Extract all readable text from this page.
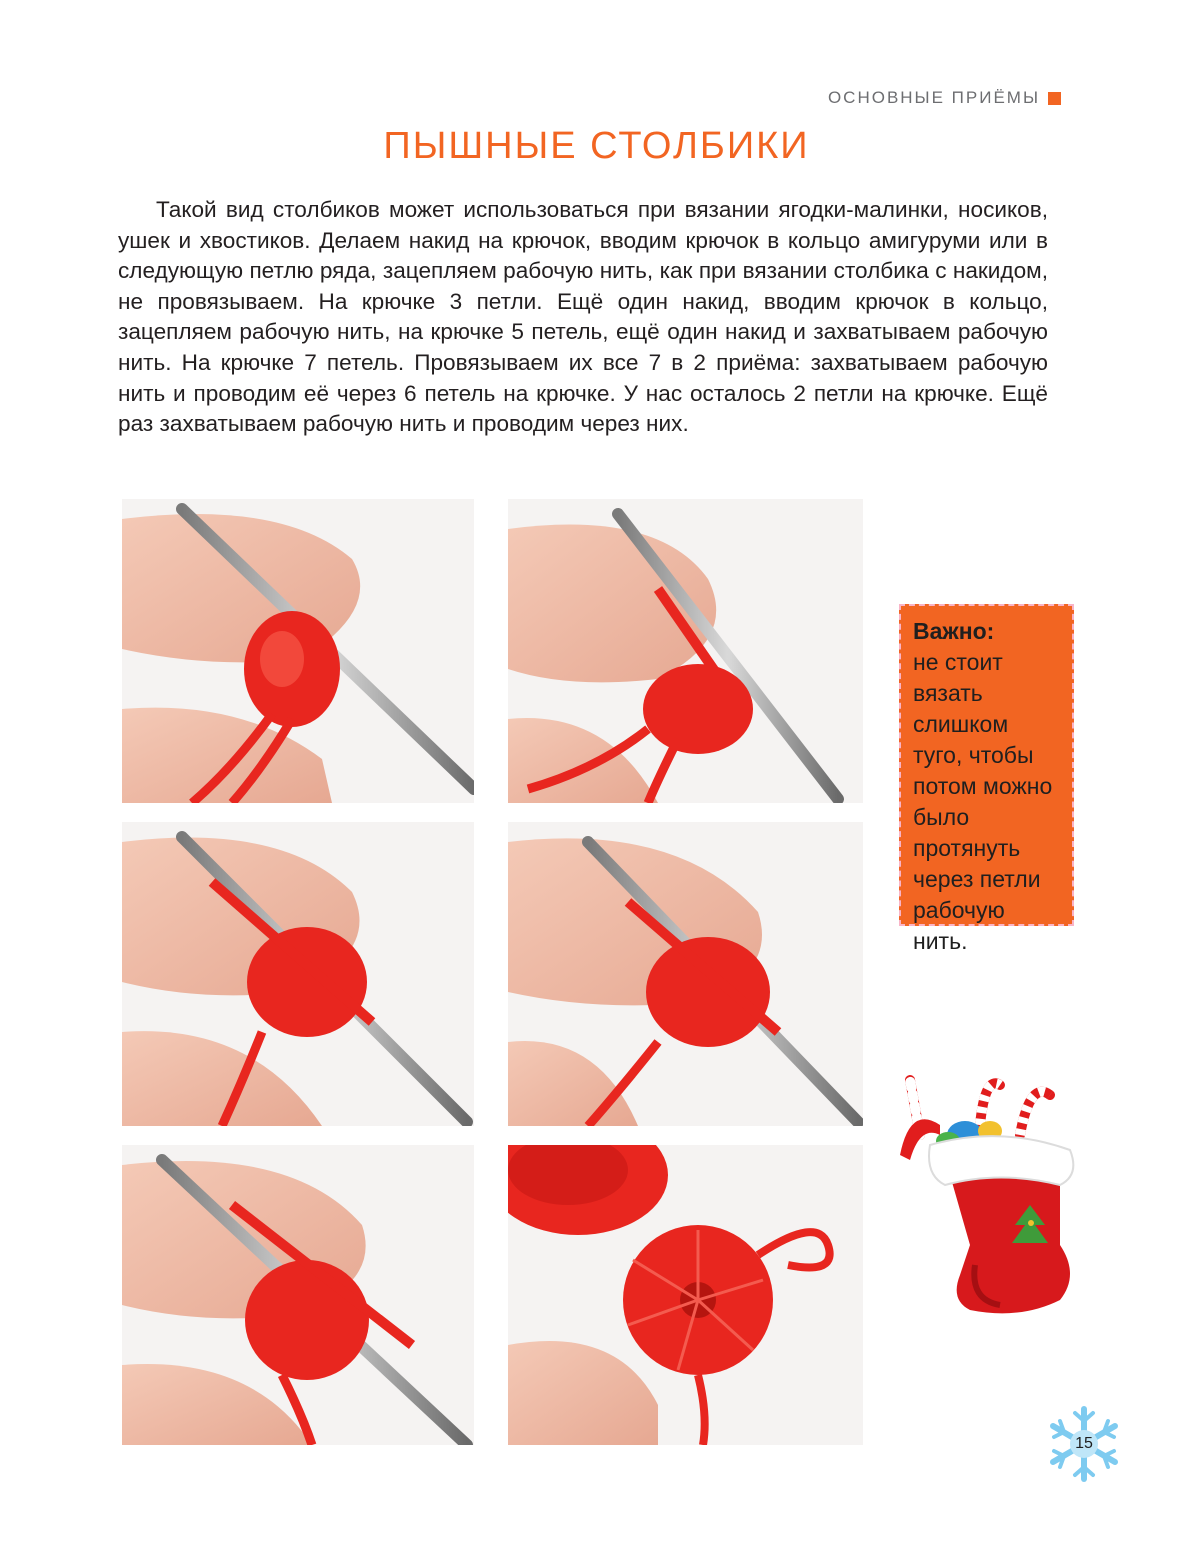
ОСНОВНЫЕ ПРИЁМЫ
ПЫШНЫЕ СТОЛБИКИ

Такой вид столбиков может использоваться при вязании ягодки-малинки, носиков, ушек и хвостиков. Делаем накид на крючок, вводим крючок в кольцо амигуруми или в следующую петлю ряда, зацепляем рабочую нить, как при вязании столбика с накидом, не провязываем. На крючке 3 петли. Ещё один накид, вводим крючок в кольцо, зацепляем рабочую нить, на крючке 5 петель, ещё один накид и захватываем рабочую нить. На крючке 7 петель. Провязываем их все 7 в 2 приёма: захватываем рабочую нить и проводим её через 6 петель на крючке. У нас осталось 2 петли на крючке. Ещё раз захватываем рабочую нить и проводим через них.

Важно:
не стоит вязать слишком туго, чтобы потом можно было протянуть через петли рабочую нить.
15
